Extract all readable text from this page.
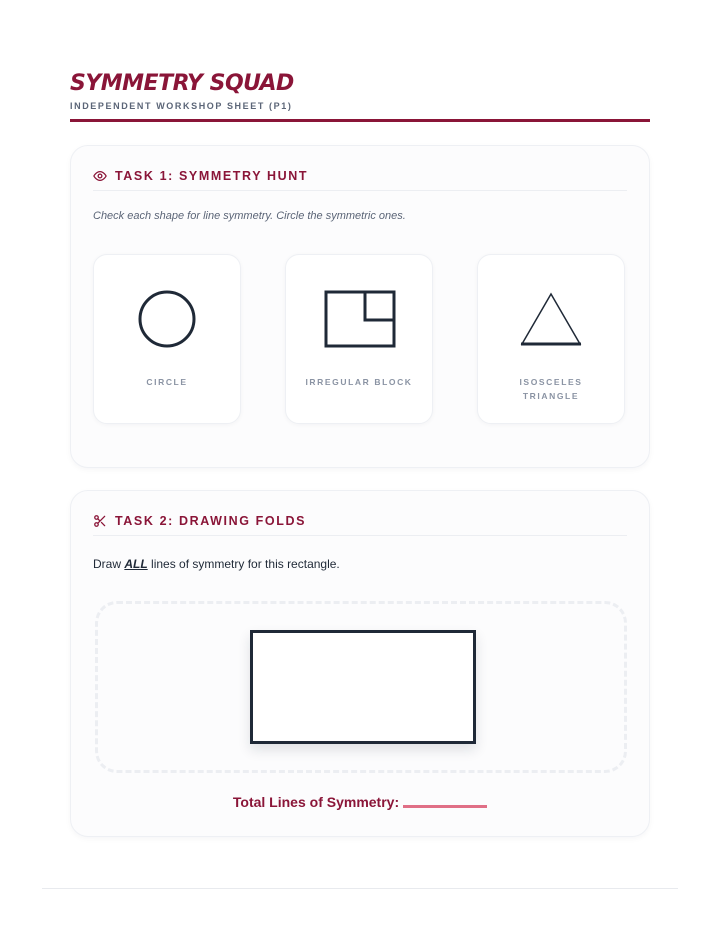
SYMMETRY SQUAD
INDEPENDENT WORKSHOP SHEET (P1)
TASK 1: SYMMETRY HUNT
Check each shape for line symmetry. Circle the symmetric ones.
CIRCLE	IRREGULAR BLOCK	ISOSCELES TRIANGLE
TASK 2: DRAWING FOLDS
Draw ALL lines of symmetry for this rectangle.
Total Lines of Symmetry:
